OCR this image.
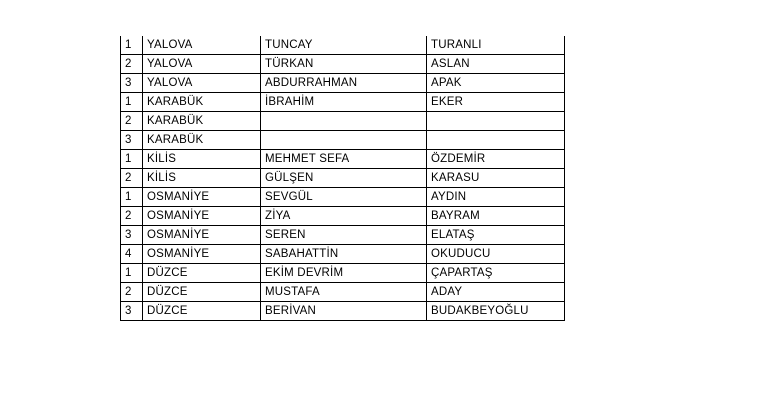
1	YALOVA	TUNCAY	TURANLI
2	YALOVA	TÜRKAN	ASLAN
3	YALOVA	ABDURRAHMAN	APAK
1	KARABÜK	İBRAHİM	EKER
2	KARABÜK		
3	KARABÜK		
1	KİLİS	MEHMET SEFA	ÖZDEMİR
2	KİLİS	GÜLŞEN	KARASU
1	OSMANİYE	SEVGÜL	AYDIN
2	OSMANİYE	ZİYA	BAYRAM
3	OSMANİYE	SEREN	ELATAŞ
4	OSMANİYE	SABAHATTİN	OKUDUCU
1	DÜZCE	EKİM DEVRİM	ÇAPARTAŞ
2	DÜZCE	MUSTAFA	ADAY
3	DÜZCE	BERİVAN	BUDAKBEYOĞLU
